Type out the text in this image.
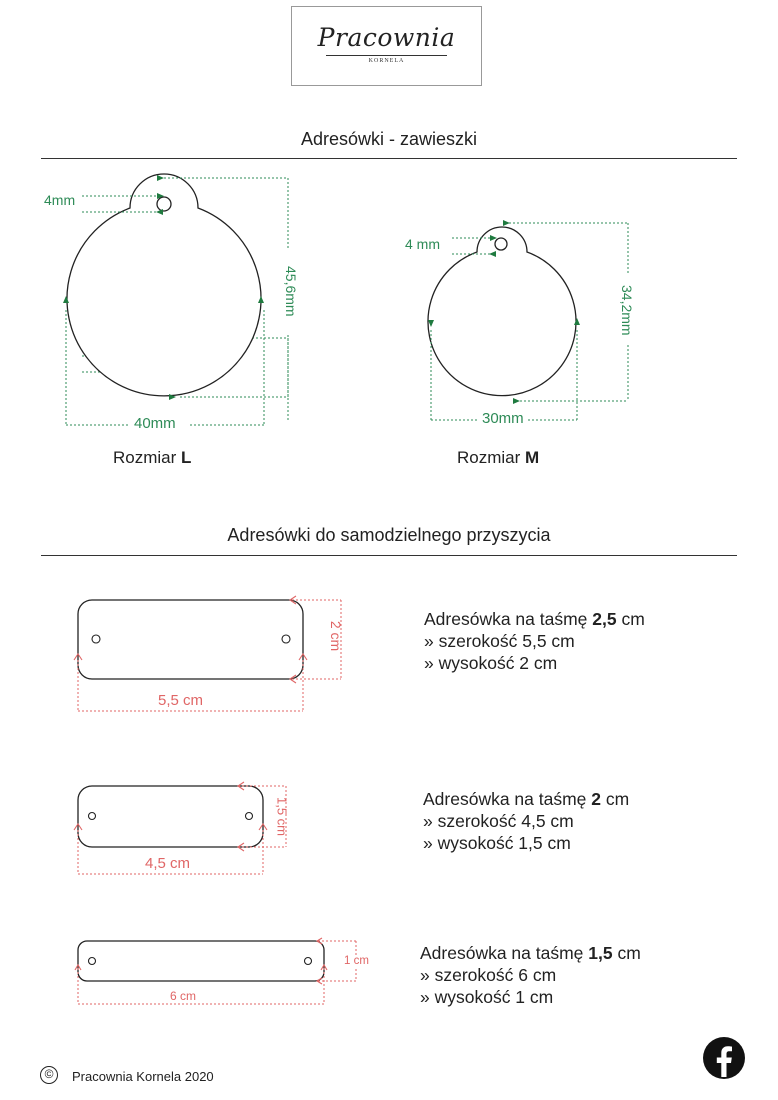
Pracownia
KORNELA
Adresówki - zawieszki
4mm
45,6mm
40mm
Rozmiar L
4 mm
34,2mm
30mm
Rozmiar M
Adresówki do samodzielnego przyszycia
2 cm
5,5 cm
1,5 cm
4,5 cm
1 cm
6 cm
Adresówka na taśmę 2,5 cm
» szerokość 5,5 cm
» wysokość 2 cm
Adresówka na taśmę 2 cm
» szerokość 4,5 cm
» wysokość 1,5 cm
Adresówka na taśmę 1,5 cm
» szerokość 6 cm
» wysokość 1 cm
©	Pracownia Kornela 2020
